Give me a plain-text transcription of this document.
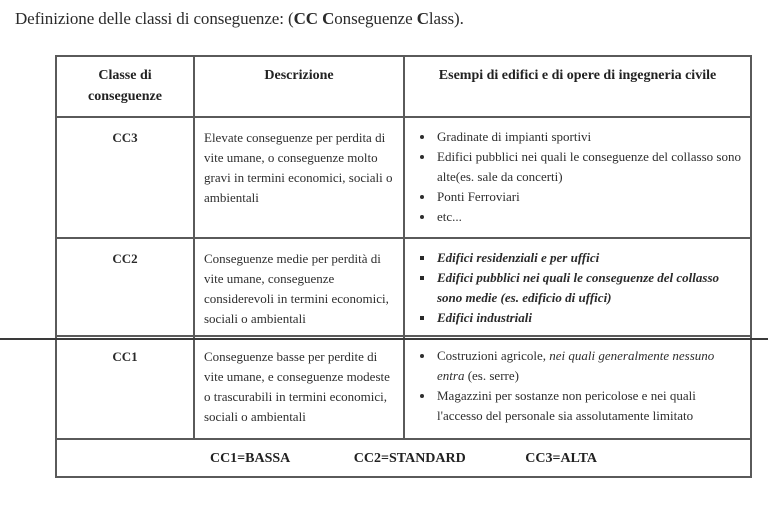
Definizione delle classi di conseguenze: (CC Conseguenze Class).
Classe di conseguenze	Descrizione	Esempi di edifici e di opere di ingegneria civile
CC3	Elevate conseguenze per perdita di vite umane, o conseguenze molto gravi in termini economici, sociali o ambientali	
• Gradinate di impianti sportivi
• Edifici pubblici nei quali le conseguenze del collasso sono alte(es. sale da concerti)
• Ponti Ferroviari
• etc...

CC2	Conseguenze medie per perdità di vite umane, conseguenze considerevoli in termini economici, sociali o ambientali	
▪ Edifici residenziali e per uffici
▪ Edifici pubblici nei quali le conseguenze del collasso sono medie (es. edificio di uffici)
▪ Edifici industriali

CC1	Conseguenze basse per perdite di vite umane, e conseguenze modeste o trascurabili in termini economici, sociali o ambientali	
• Costruzioni agricole, nei quali generalmente nessuno entra (es. serre)
• Magazzini per sostanze non pericolose e nei quali l'accesso del personale sia assolutamente limitato

CC1=BASSA CC2=STANDARD CC3=ALTA		
